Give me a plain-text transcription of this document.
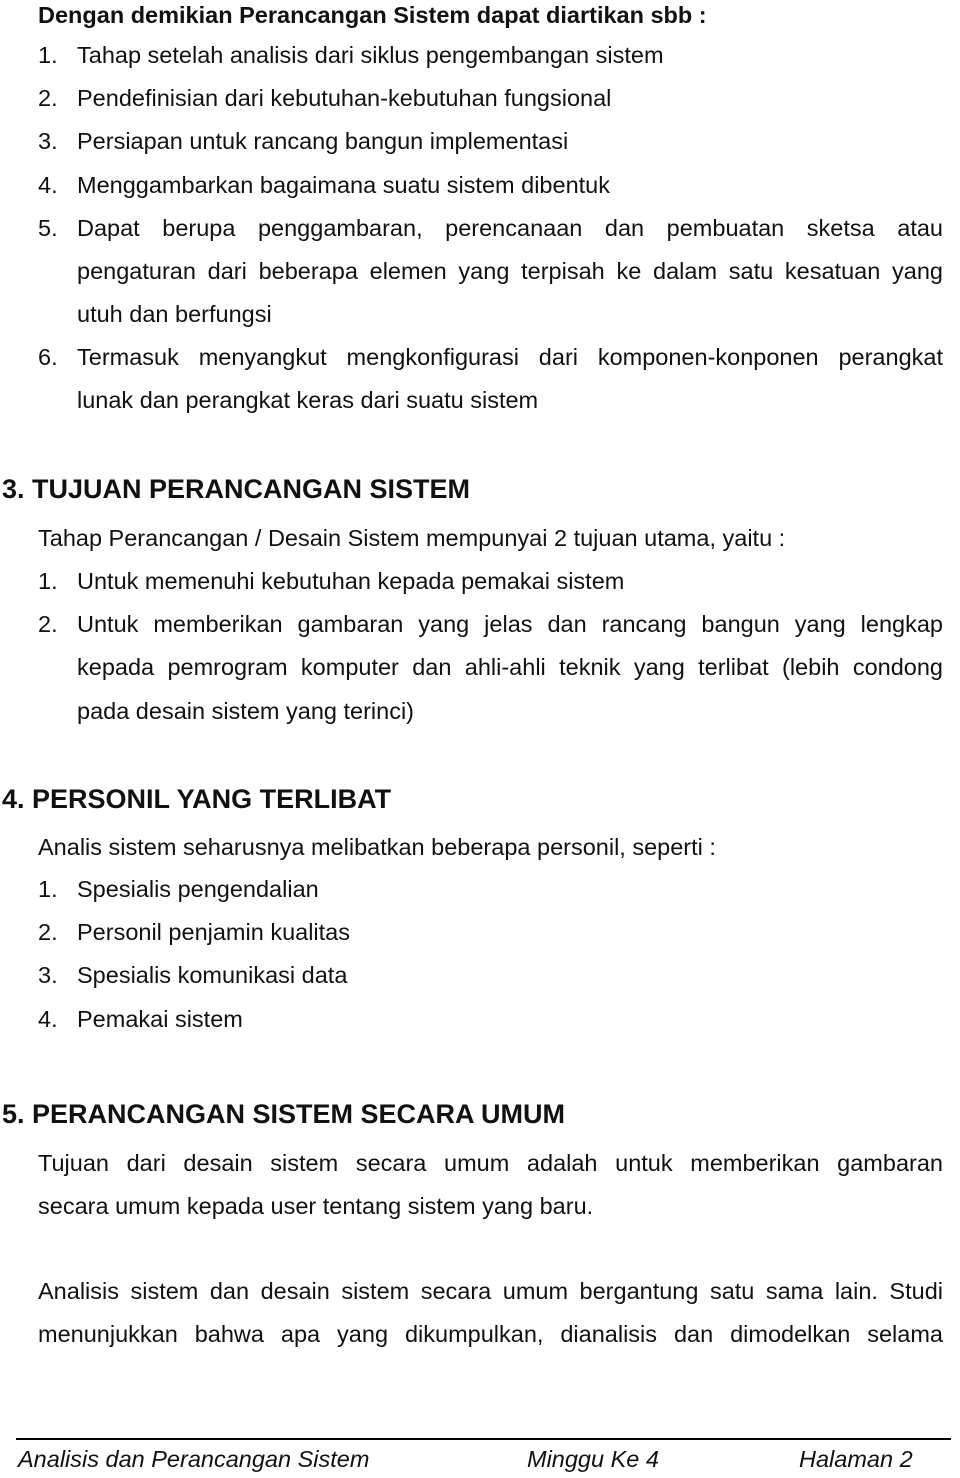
Dengan demikian Perancangan Sistem dapat diartikan sbb :
1. Tahap setelah analisis dari siklus pengembangan sistem
2. Pendefinisian dari kebutuhan-kebutuhan fungsional
3. Persiapan untuk rancang bangun implementasi
4. Menggambarkan bagaimana suatu sistem dibentuk
5. Dapat berupa penggambaran, perencanaan dan pembuatan sketsa atau
pengaturan dari beberapa elemen yang terpisah ke dalam satu kesatuan yang
utuh dan berfungsi
6. Termasuk menyangkut mengkonfigurasi dari komponen-konponen perangkat
lunak dan perangkat keras dari suatu sistem
3. TUJUAN PERANCANGAN SISTEM
Tahap Perancangan / Desain Sistem mempunyai 2 tujuan utama, yaitu :
1. Untuk memenuhi kebutuhan kepada pemakai sistem
2. Untuk memberikan gambaran yang jelas dan rancang bangun yang lengkap
kepada pemrogram komputer dan ahli-ahli teknik yang terlibat (lebih condong
pada desain sistem yang terinci)
4. PERSONIL YANG TERLIBAT
Analis sistem seharusnya melibatkan beberapa personil, seperti :
1. Spesialis pengendalian
2. Personil penjamin kualitas
3. Spesialis komunikasi data
4. Pemakai sistem
5. PERANCANGAN SISTEM SECARA UMUM
Tujuan dari desain sistem secara umum adalah untuk memberikan gambaran
secara umum kepada user tentang sistem yang baru.
Analisis sistem dan desain sistem secara umum bergantung satu sama lain. Studi
menunjukkan bahwa apa yang dikumpulkan, dianalisis dan dimodelkan selama
Analisis dan Perancangan Sistem	Minggu Ke 4	Halaman 2
